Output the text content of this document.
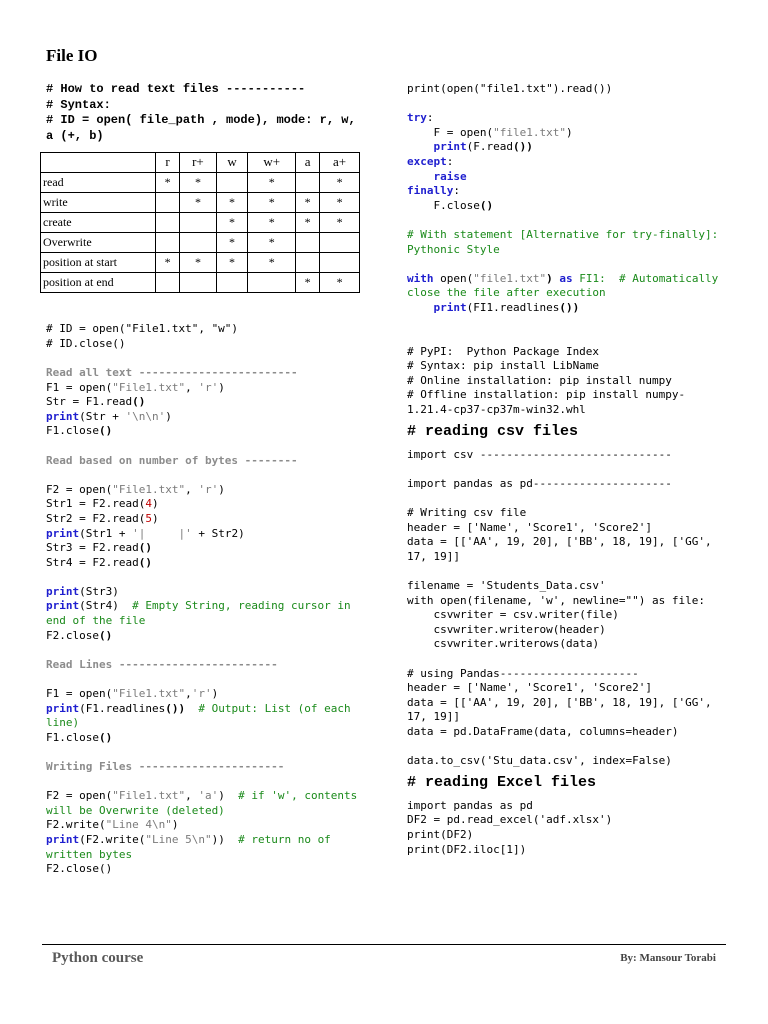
File IO
# How to read text files -----------
# Syntax:
# ID = open( file_path , mode), mode: r, w, a (+, b)
	r	r+	w	w+	a	a+
read	*	*		*		*
write		*	*	*	*	*
create			*	*	*	*
Overwrite			*	*		
position at start	*	*	*	*		
position at end					*	*
# ID = open("File1.txt", "w")
# ID.close()
Read all text ------------------------
F1 = open("File1.txt", 'r')
Str = F1.read()
print(Str + '\n\n')
F1.close()
Read based on number of bytes --------
F2 = open("File1.txt", 'r')
Str1 = F2.read(4)
Str2 = F2.read(5)
print(Str1 + '|     |' + Str2)
Str3 = F2.read()
Str4 = F2.read()
print(Str3)
print(Str4)  # Empty String, reading cursor in end of the file
F2.close()
Read Lines ------------------------
F1 = open("File1.txt",'r')
print(F1.readlines()) # Output: List (of each line)
F1.close()
Writing Files ----------------------
F2 = open("File1.txt", 'a')  # if 'w', contents will be Overwrite (deleted)
F2.write("Line 4\n")
print(F2.write("Line 5\n"))  # return no of written bytes
F2.close()
print(open("file1.txt").read())
try:
F = open("file1.txt")
print(F.read())
except:
raise
finally:
F.close()
# With statement [Alternative for try-finally]: Pythonic Style
with open("file1.txt") as FI1:  # Automatically close the file after execution
print(FI1.readlines())
# PyPI:  Python Package Index
# Syntax: pip install LibName
# Online installation: pip install numpy
# Offline installation: pip install numpy-1.21.4-cp37-cp37m-win32.whl
# reading csv files
import csv -----------------------------
import pandas as pd---------------------
# Writing csv file
header = ['Name', 'Score1', 'Score2']
data = [['AA', 19, 20], ['BB', 18, 19], ['GG', 17, 19]]
filename = 'Students_Data.csv'
with open(filename, 'w', newline="") as file:
csvwriter = csv.writer(file)
csvwriter.writerow(header)
csvwriter.writerows(data)
# using Pandas---------------------
header = ['Name', 'Score1', 'Score2']
data = [['AA', 19, 20], ['BB', 18, 19], ['GG', 17, 19]]
data = pd.DataFrame(data, columns=header)
data.to_csv('Stu_data.csv', index=False)
# reading Excel files
import pandas as pd
DF2 = pd.read_excel('adf.xlsx')
print(DF2)
print(DF2.iloc[1])
Python course	By: Mansour Torabi
